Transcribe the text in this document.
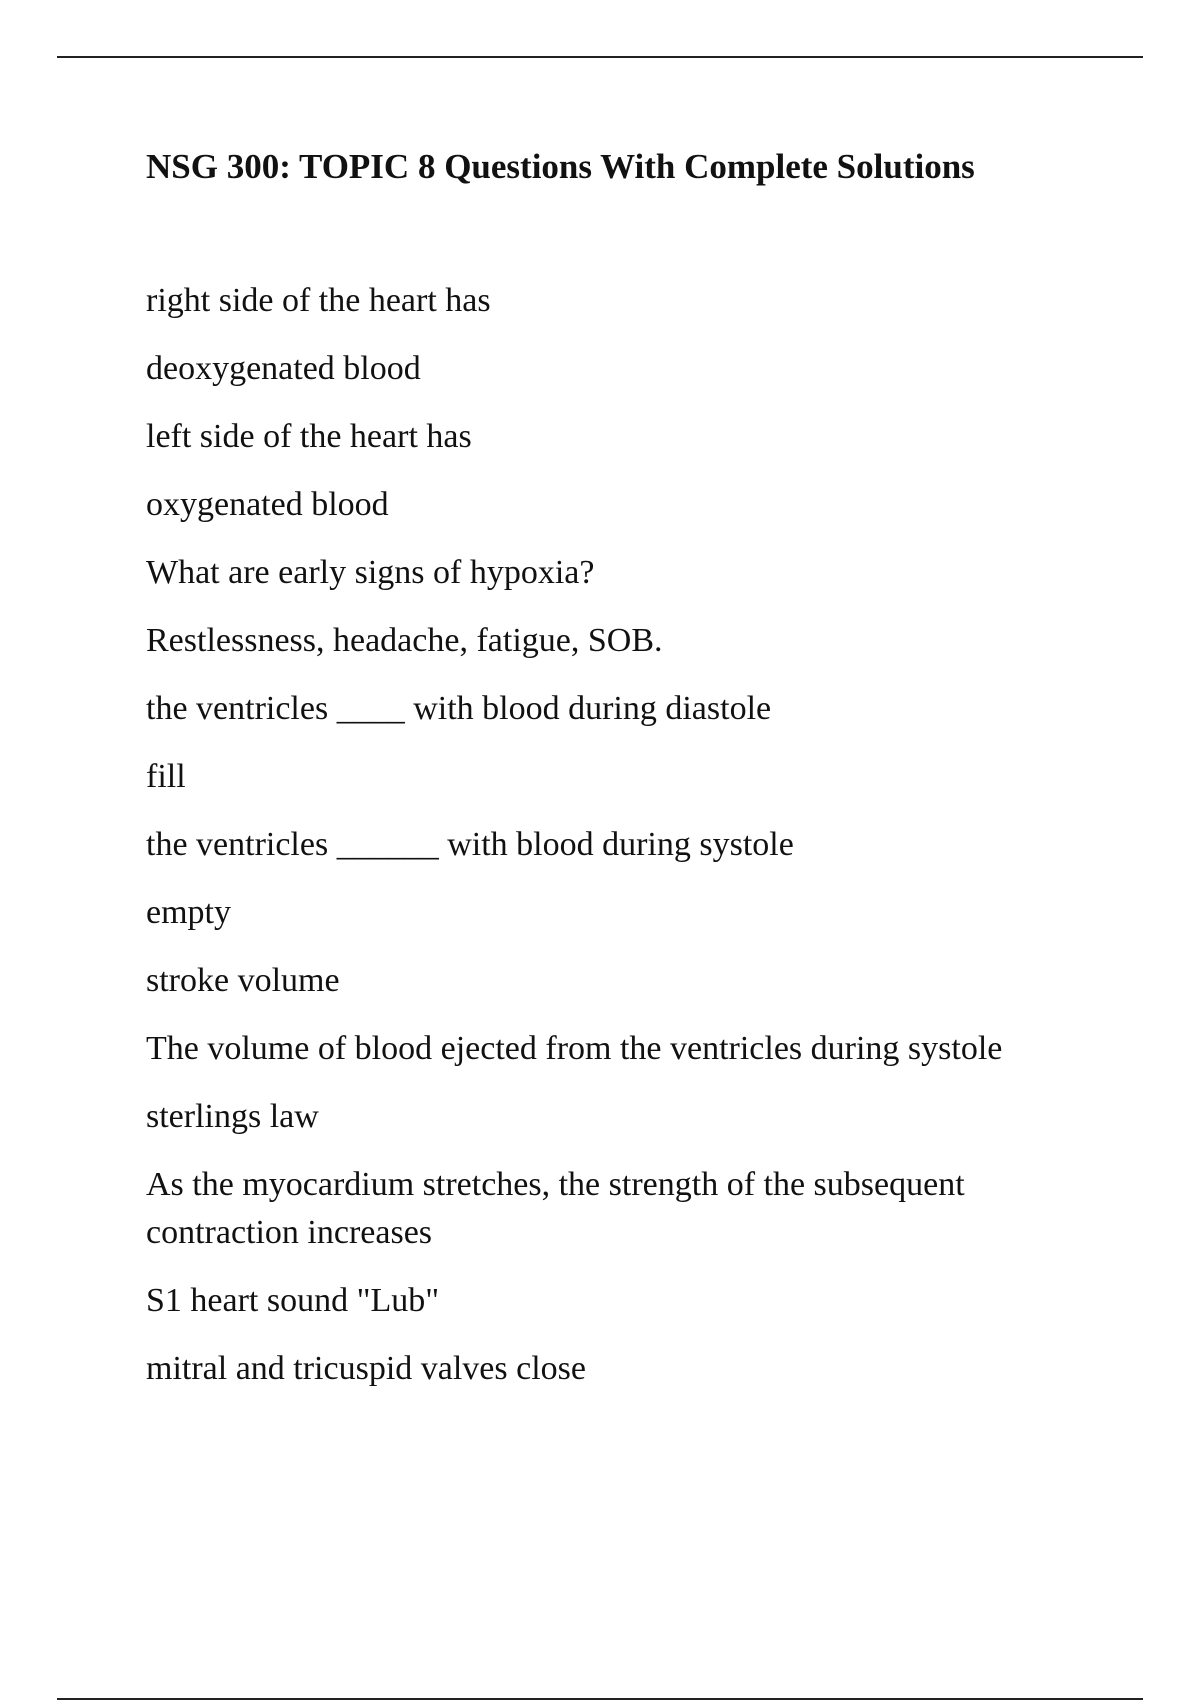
NSG 300: TOPIC 8 Questions With Complete Solutions
right side of the heart has
deoxygenated blood
left side of the heart has
oxygenated blood
What are early signs of hypoxia?
Restlessness, headache, fatigue, SOB.
the ventricles ____ with blood during diastole
fill
the ventricles ______ with blood during systole
empty
stroke volume
The volume of blood ejected from the ventricles during systole
sterlings law
As the myocardium stretches, the strength of the subsequent contraction increases
S1 heart sound "Lub"
mitral and tricuspid valves close
